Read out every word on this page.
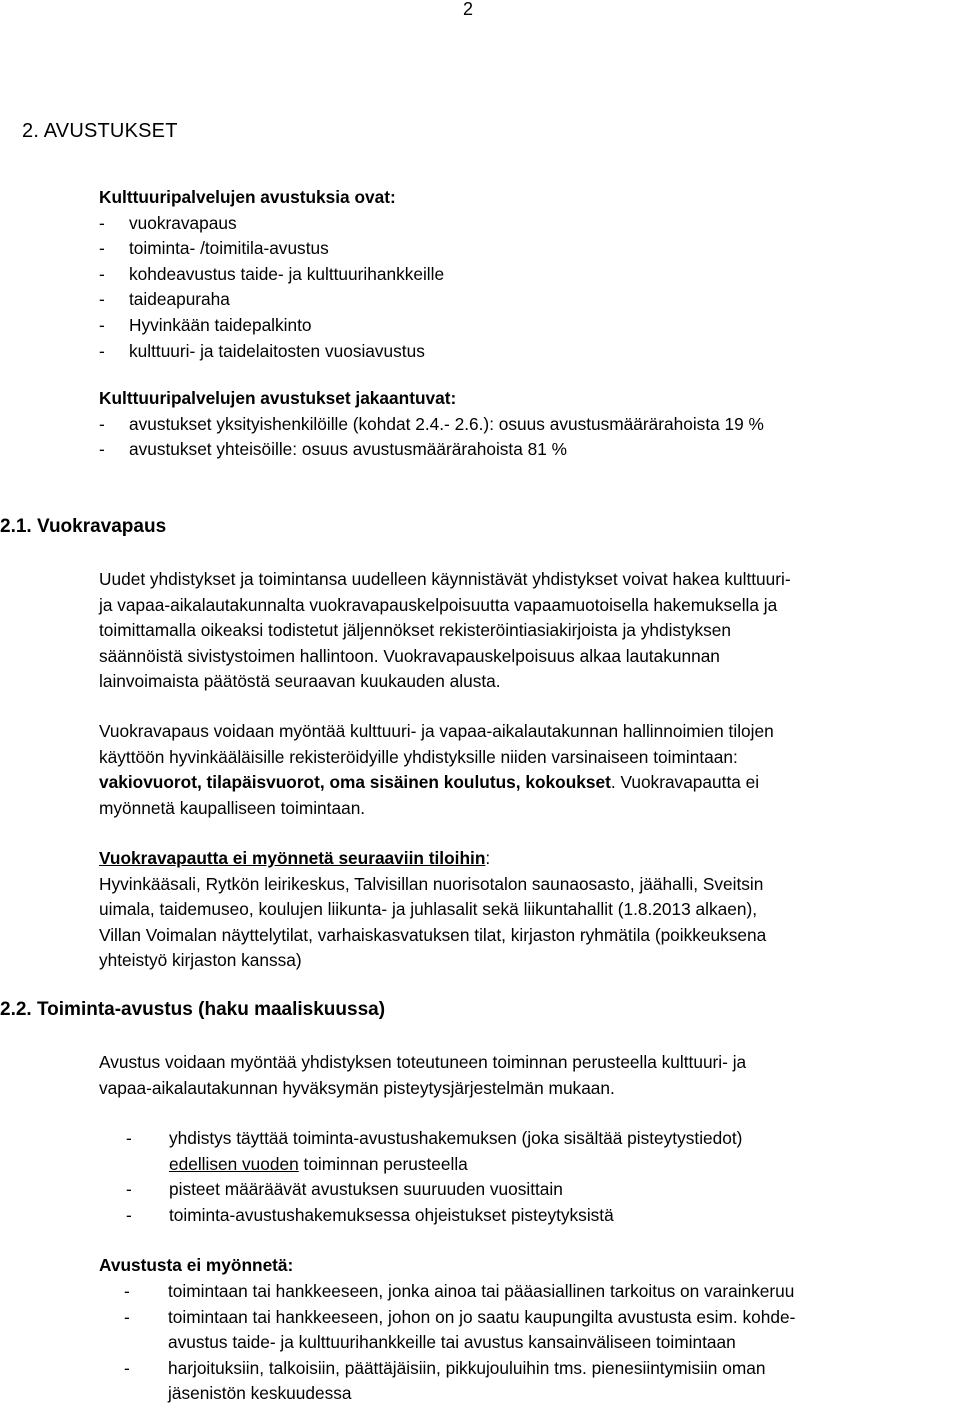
2
2. AVUSTUKSET

Kulttuuripalvelujen avustuksia ovat:

-	vuokravapaus
-	toiminta- /toimitila-avustus
-	kohdeavustus taide- ja kulttuurihankkeille
-	taideapuraha
-	Hyvinkään taidepalkinto
-	kulttuuri- ja taidelaitosten vuosiavustus

Kulttuuripalvelujen avustukset jakaantuvat:

-	avustukset yksityishenkilöille (kohdat 2.4.- 2.6.): osuus avustusmäärärahoista 19 %
-	avustukset yhteisöille: osuus avustusmäärärahoista 81 %
2.1. Vuokravapaus

Uudet yhdistykset ja toimintansa uudelleen käynnistävät yhdistykset voivat hakea kulttuuri-

ja vapaa-aikalautakunnalta vuokravapauskelpoisuutta vapaamuotoisella hakemuksella ja

toimittamalla oikeaksi todistetut jäljennökset rekisteröintiasiakirjoista ja yhdistyksen

säännöistä sivistystoimen hallintoon. Vuokravapauskelpoisuus alkaa lautakunnan

lainvoimaista päätöstä seuraavan kuukauden alusta.

Vuokravapaus voidaan myöntää kulttuuri- ja vapaa-aikalautakunnan hallinnoimien tilojen

käyttöön hyvinkääläisille rekisteröidyille yhdistyksille niiden varsinaiseen toimintaan:

vakiovuorot, tilapäisvuorot, oma sisäinen koulutus, kokoukset. Vuokravapautta ei

myönnetä kaupalliseen toimintaan.

Vuokravapautta ei myönnetä seuraaviin tiloihin:

Hyvinkääsali, Rytkön leirikeskus, Talvisillan nuorisotalon saunaosasto, jäähalli, Sveitsin

uimala, taidemuseo, koulujen liikunta- ja juhlasalit sekä liikuntahallit (1.8.2013 alkaen),

Villan Voimalan näyttelytilat, varhaiskasvatuksen tilat, kirjaston ryhmätila (poikkeuksena

yhteistyö kirjaston kanssa)

2.2. Toiminta-avustus (haku maaliskuussa)

Avustus voidaan myöntää yhdistyksen toteutuneen toiminnan perusteella kulttuuri- ja

vapaa-aikalautakunnan hyväksymän pisteytysjärjestelmän mukaan.

-	yhdistys täyttää toiminta-avustushakemuksen (joka sisältää pisteytystiedot)
edellisen vuoden toiminnan perusteella
-	pisteet määräävät avustuksen suuruuden vuosittain
-	toiminta-avustushakemuksessa ohjeistukset pisteytyksistä

Avustusta ei myönnetä:

-	toimintaan tai hankkeeseen, jonka ainoa tai pääasiallinen tarkoitus on varainkeruu
-	toimintaan tai hankkeeseen, johon on jo saatu kaupungilta avustusta esim. kohde-
avustus taide- ja kulttuurihankkeille tai avustus kansainväliseen toimintaan
-	harjoituksiin, talkoisiin, päättäjäisiin, pikkujouluihin tms. pienesiintymisiin oman
jäsenistön keskuudessa
